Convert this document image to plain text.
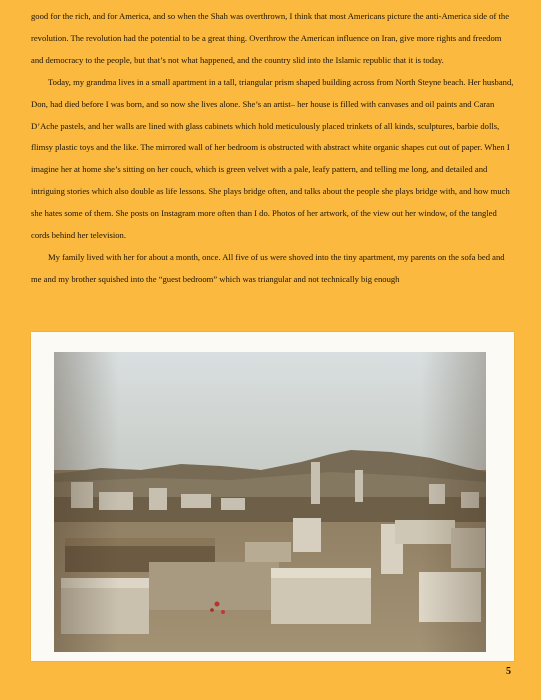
good for the rich, and for America, and so when the Shah was overthrown, I think that most Americans picture the anti-America side of the revolution. The revolution had the potential to be a great thing. Overthrow the American influence on Iran, give more rights and freedom and democracy to the people, but that’s not what happened, and the country slid into the Islamic republic that it is today.

Today, my grandma lives in a small apartment in a tall, triangular prism shaped building across from North Steyne beach. Her husband, Don, had died before I was born, and so now she lives alone. She’s an artist– her house is filled with canvases and oil paints and Caran D’Ache pastels, and her walls are lined with glass cabinets which hold meticulously placed trinkets of all kinds, sculptures, barbie dolls, flimsy plastic toys and the like. The mirrored wall of her bedroom is obstructed with abstract white organic shapes cut out of paper. When I imagine her at home she’s sitting on her couch, which is green velvet with a pale, leafy pattern, and telling me long, and detailed and intriguing stories which also double as life lessons. She plays bridge often, and talks about the people she plays bridge with, and how much she hates some of them. She posts on Instagram more often than I do. Photos of her artwork, of the view out her window, of the tangled cords behind her television.

My family lived with her for about a month, once. All five of us were shoved into the tiny apartment, my parents on the sofa bed and me and my brother squished into the “guest bedroom” which was triangular and not technically big enough

5
